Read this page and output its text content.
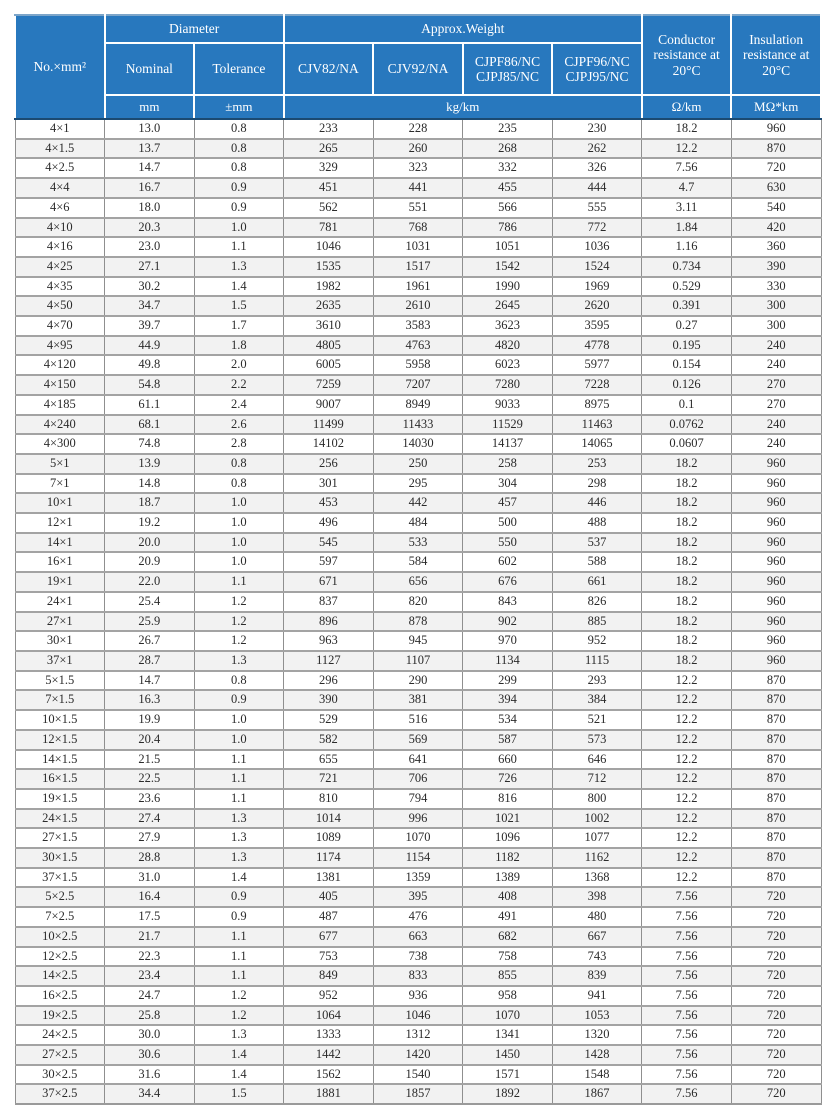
No.×mm²	Diameter		Approx.Weight				Conductor resistance at 20°C	Insulation resistance at 20°C
	Nominal	Tolerance	CJV82/NA	CJV92/NA	CJPF86/NC CJPJ85/NC	CJPF96/NC CJPJ95/NC		
	mm	±mm	kg/km				Ω/km	MΩ*km
4×1	13.0	0.8	233	228	235	230	18.2	960
4×1.5	13.7	0.8	265	260	268	262	12.2	870
4×2.5	14.7	0.8	329	323	332	326	7.56	720
4×4	16.7	0.9	451	441	455	444	4.7	630
4×6	18.0	0.9	562	551	566	555	3.11	540
4×10	20.3	1.0	781	768	786	772	1.84	420
4×16	23.0	1.1	1046	1031	1051	1036	1.16	360
4×25	27.1	1.3	1535	1517	1542	1524	0.734	390
4×35	30.2	1.4	1982	1961	1990	1969	0.529	330
4×50	34.7	1.5	2635	2610	2645	2620	0.391	300
4×70	39.7	1.7	3610	3583	3623	3595	0.27	300
4×95	44.9	1.8	4805	4763	4820	4778	0.195	240
4×120	49.8	2.0	6005	5958	6023	5977	0.154	240
4×150	54.8	2.2	7259	7207	7280	7228	0.126	270
4×185	61.1	2.4	9007	8949	9033	8975	0.1	270
4×240	68.1	2.6	11499	11433	11529	11463	0.0762	240
4×300	74.8	2.8	14102	14030	14137	14065	0.0607	240
5×1	13.9	0.8	256	250	258	253	18.2	960
7×1	14.8	0.8	301	295	304	298	18.2	960
10×1	18.7	1.0	453	442	457	446	18.2	960
12×1	19.2	1.0	496	484	500	488	18.2	960
14×1	20.0	1.0	545	533	550	537	18.2	960
16×1	20.9	1.0	597	584	602	588	18.2	960
19×1	22.0	1.1	671	656	676	661	18.2	960
24×1	25.4	1.2	837	820	843	826	18.2	960
27×1	25.9	1.2	896	878	902	885	18.2	960
30×1	26.7	1.2	963	945	970	952	18.2	960
37×1	28.7	1.3	1127	1107	1134	1115	18.2	960
5×1.5	14.7	0.8	296	290	299	293	12.2	870
7×1.5	16.3	0.9	390	381	394	384	12.2	870
10×1.5	19.9	1.0	529	516	534	521	12.2	870
12×1.5	20.4	1.0	582	569	587	573	12.2	870
14×1.5	21.5	1.1	655	641	660	646	12.2	870
16×1.5	22.5	1.1	721	706	726	712	12.2	870
19×1.5	23.6	1.1	810	794	816	800	12.2	870
24×1.5	27.4	1.3	1014	996	1021	1002	12.2	870
27×1.5	27.9	1.3	1089	1070	1096	1077	12.2	870
30×1.5	28.8	1.3	1174	1154	1182	1162	12.2	870
37×1.5	31.0	1.4	1381	1359	1389	1368	12.2	870
5×2.5	16.4	0.9	405	395	408	398	7.56	720
7×2.5	17.5	0.9	487	476	491	480	7.56	720
10×2.5	21.7	1.1	677	663	682	667	7.56	720
12×2.5	22.3	1.1	753	738	758	743	7.56	720
14×2.5	23.4	1.1	849	833	855	839	7.56	720
16×2.5	24.7	1.2	952	936	958	941	7.56	720
19×2.5	25.8	1.2	1064	1046	1070	1053	7.56	720
24×2.5	30.0	1.3	1333	1312	1341	1320	7.56	720
27×2.5	30.6	1.4	1442	1420	1450	1428	7.56	720
30×2.5	31.6	1.4	1562	1540	1571	1548	7.56	720
37×2.5	34.4	1.5	1881	1857	1892	1867	7.56	720
